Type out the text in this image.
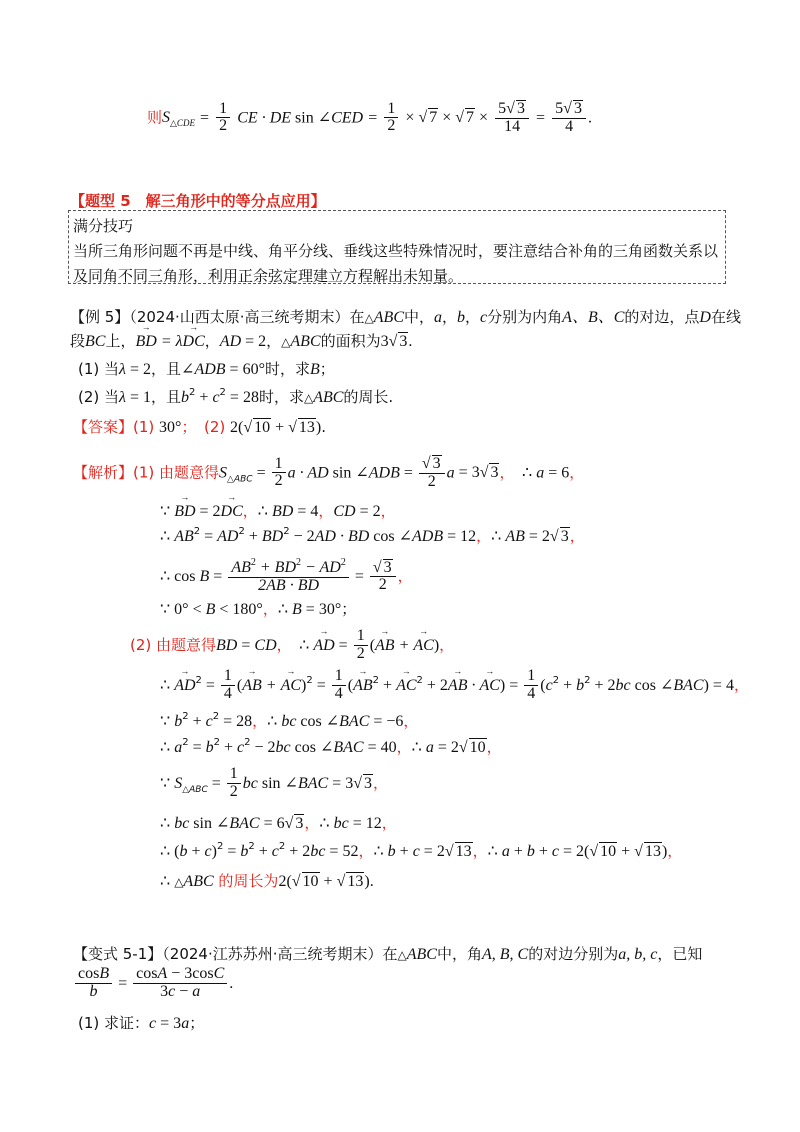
则$S_{\triangle CDE} = \frac{1}{2}$ CE · DE sin ∠CED = $\frac{1}{2}$ × √ 7 × √ $7 \times \frac{5√ 3}{14} = \frac{5√ 3}{4}$ .
【题型 5　解三角形中的等分点应用】
满分技巧
当所三角形问题不再是中线、角平分线、垂线这些特殊情况时，要注意结合补角的三角函数关系以及同角不同三角形，利用正余弦定理建立方程解出未知量。
【例 5】（2024·山西太原·高三统考期末）在△ABC中，a，b，c分别为内角A、B、C的对边，点D在线
段BC上，BD → = λDC →，AD = 2，△ABC的面积为3√ 3.
(1) 当λ = 2，且∠ADB = 60°时，求B；
(2) 当λ = 1，且$b^2 + c^2 = 28$时，求△ABC的周长.
【答案】(1) 30°；　(2) 2(√ 10 + √ 13).
【解析】(1) 由题意得$S_{\triangle ABC} = \frac{1}{2}$ a · AD sin ∠ADB = $\frac{√ 3}{2}$ a = 3√ 3，　 ∴ a = 6，
∵ BD → = 2DC →，∴ BD = 4，CD = 2，
∴ $AB^2 = AD^2 + BD^2 - 2AD$ · BD cos ∠ADB = 12，∴ AB = 2√ 3，
∴ $\cos B = \frac{AB^2 + BD^2 - AD^2}{2AB \cdot BD} = \frac{√ 3}{2}$ ，
∵ 0° < B < 180°，∴ B = 30°；
(2) 由题意得BD = CD，　 ∴ AD → = $\frac{1}{2} (AB$ → + AC →)，
∴ AD $\to^2 = \frac{1}{4} (AB$ → + AC $\to)^2 = \frac{1}{4} (AB \to^2$ + AC →$^2$ + 2AB → · AC →) = $\frac{1}{4} (c^2 + b^2 + 2bc$ cos ∠BAC) = 4，
∵ $b^2 + c^2 = 28$，∴ bc cos ∠BAC = −6，
∴ $a^2 = b^2 + c^2 - 2bc$ cos ∠BAC = 40，∴ a = 2√ 10，
∵ $S_{\triangle ABC} = \frac{1}{2}$ bc sin ∠BAC = 3√ 3，
∴ bc sin ∠BAC = 6√ 3，∴ bc = 12，
∴ $(b + c)^2 = b^2 + c^2 + 2bc = 52$，∴ b + c = 2√ 13，∴ a + b + c = 2(√ 10 + √ 13)，
∴ △ABC 的周长为2(√ 10 + √ 13).
【变式 5-1】（2024·江苏苏州·高三统考期末）在△ABC中，角A, B, C的对边分别为a, b, c，已知
$\frac{\cos B}{b} = \frac{\cos A - 3\cos C}{3c - a}$ .
(1) 求证：c = 3a；
